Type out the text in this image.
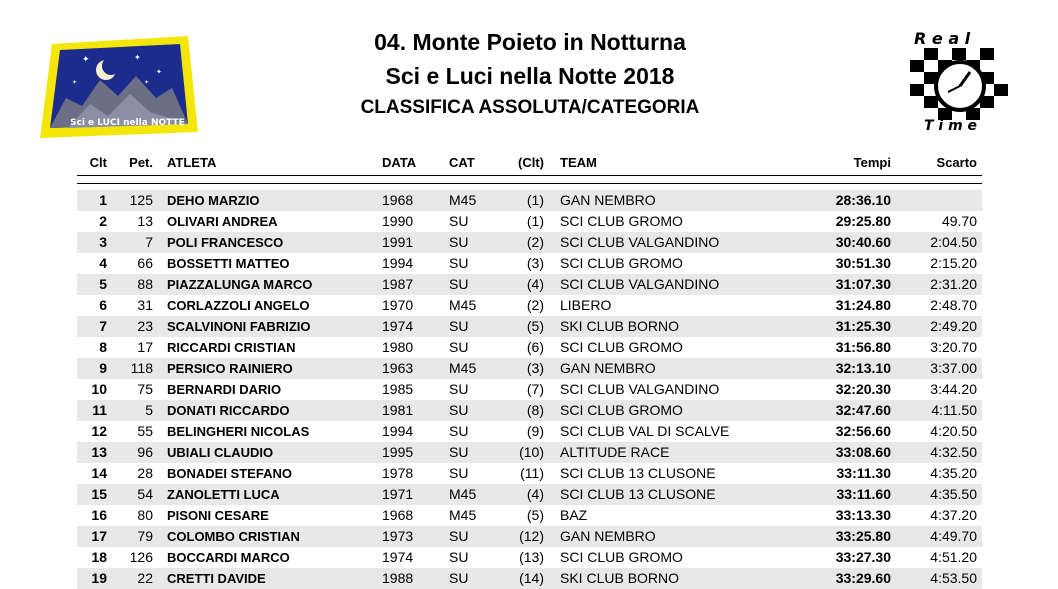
✦	✦
✦
✦	✦
Sci e LUCI nella NOTTE
R e a l
T i m e
04. Monte Poieto in Notturna
Sci e Luci nella Notte 2018
CLASSIFICA ASSOLUTA/CATEGORIA
Clt	Pet. ATLETA	DATA	CAT	(Clt) TEAM	Tempi	Scarto
1	125 DEHO MARZIO	1968	M45	(1) GAN NEMBRO	28:36.10
2	13 OLIVARI ANDREA	1990	SU	(1) SCI CLUB GROMO	29:25.80	49.70
3	7 POLI FRANCESCO	1991	SU	(2) SCI CLUB VALGANDINO	30:40.60	2:04.50
4	66 BOSSETTI MATTEO	1994	SU	(3) SCI CLUB GROMO	30:51.30	2:15.20
5	88 PIAZZALUNGA MARCO	1987	SU	(4) SCI CLUB VALGANDINO	31:07.30	2:31.20
6	31 CORLAZZOLI ANGELO	1970	M45	(2) LIBERO	31:24.80	2:48.70
7	23 SCALVINONI FABRIZIO	1974	SU	(5) SKI CLUB BORNO	31:25.30	2:49.20
8	17 RICCARDI CRISTIAN	1980	SU	(6) SCI CLUB GROMO	31:56.80	3:20.70
9	118 PERSICO RAINIERO	1963	M45	(3) GAN NEMBRO	32:13.10	3:37.00
10	75 BERNARDI DARIO	1985	SU	(7) SCI CLUB VALGANDINO	32:20.30	3:44.20
11	5 DONATI RICCARDO	1981	SU	(8) SCI CLUB GROMO	32:47.60	4:11.50
12	55 BELINGHERI NICOLAS	1994	SU	(9) SCI CLUB VAL DI SCALVE	32:56.60	4:20.50
13	96 UBIALI CLAUDIO	1995	SU	(10) ALTITUDE RACE	33:08.60	4:32.50
14	28 BONADEI STEFANO	1978	SU	(11) SCI CLUB 13 CLUSONE	33:11.30	4:35.20
15	54 ZANOLETTI LUCA	1971	M45	(4) SCI CLUB 13 CLUSONE	33:11.60	4:35.50
16	80 PISONI CESARE	1968	M45	(5) BAZ	33:13.30	4:37.20
17	79 COLOMBO CRISTIAN	1973	SU	(12) GAN NEMBRO	33:25.80	4:49.70
18	126 BOCCARDI MARCO	1974	SU	(13) SCI CLUB GROMO	33:27.30	4:51.20
19	22 CRETTI DAVIDE	1988	SU	(14) SKI CLUB BORNO	33:29.60	4:53.50
